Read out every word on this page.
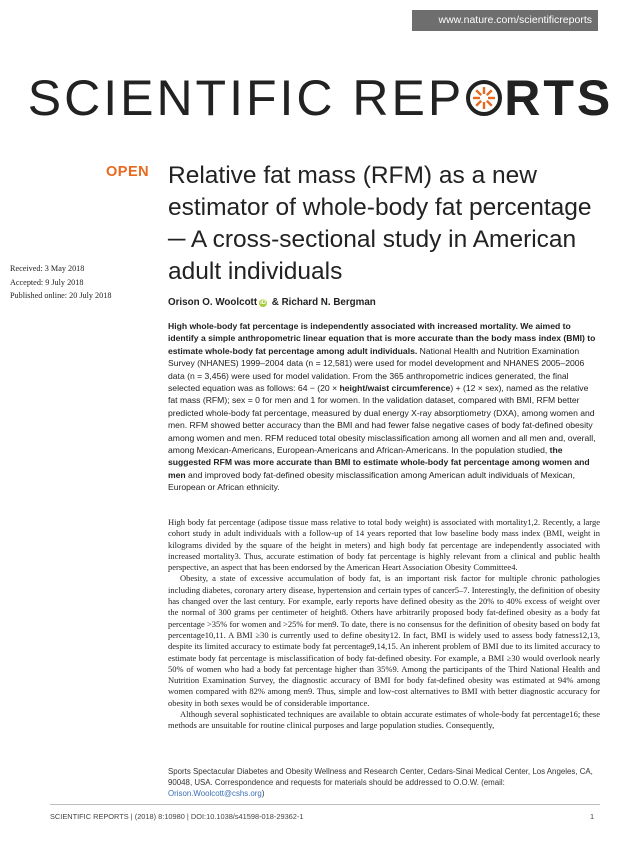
www.nature.com/scientificreports
SCIENTIFIC REP RTS
OPEN Relative fat mass (RFM) as a new estimator of whole-body fat percentage ─ A cross-sectional study in American adult individuals
Received: 3 May 2018
Accepted: 9 July 2018
Published online: 20 July 2018
Orison O. Woolcott iD & Richard N. Bergman
High whole-body fat percentage is independently associated with increased mortality. We aimed to identify a simple anthropometric linear equation that is more accurate than the body mass index (BMI) to estimate whole-body fat percentage among adult individuals. National Health and Nutrition Examination Survey (NHANES) 1999–2004 data (n = 12,581) were used for model development and NHANES 2005–2006 data (n = 3,456) were used for model validation. From the 365 anthropometric indices generated, the final selected equation was as follows: 64 − (20 × height/waist circumference) + (12 × sex), named as the relative fat mass (RFM); sex = 0 for men and 1 for women. In the validation dataset, compared with BMI, RFM better predicted whole-body fat percentage, measured by dual energy X-ray absorptiometry (DXA), among women and men. RFM showed better accuracy than the BMI and had fewer false negative cases of body fat-defined obesity among women and men. RFM reduced total obesity misclassification among all women and all men and, overall, among Mexican-Americans, European-Americans and African-Americans. In the population studied, the suggested RFM was more accurate than BMI to estimate whole-body fat percentage among women and men and improved body fat-defined obesity misclassification among American adult individuals of Mexican, European or African ethnicity.

High body fat percentage (adipose tissue mass relative to total body weight) is associated with mortality1,2. Recently, a large cohort study in adult individuals with a follow-up of 14 years reported that low baseline body mass index (BMI, weight in kilograms divided by the square of the height in meters) and high body fat percentage are independently associated with increased mortality3. Thus, accurate estimation of body fat percentage is highly relevant from a clinical and public health perspective, an aspect that has been endorsed by the American Heart Association Obesity Committee4.

Obesity, a state of excessive accumulation of body fat, is an important risk factor for multiple chronic pathologies including diabetes, coronary artery disease, hypertension and certain types of cancer5–7. Interestingly, the definition of obesity has changed over the last century. For example, early reports have defined obesity as the 20% to 40% excess of weight over the normal of 300 grams per centimeter of height8. Others have arbitrarily proposed body fat-defined obesity as a body fat percentage >35% for women and >25% for men9. To date, there is no consensus for the definition of obesity based on body fat percentage10,11. A BMI ≥30 is currently used to define obesity12. In fact, BMI is widely used to assess body fatness12,13, despite its limited accuracy to estimate body fat percentage9,14,15. An inherent problem of BMI due to its limited accuracy to estimate body fat percentage is misclassification of body fat-defined obesity. For example, a BMI ≥30 would overlook nearly 50% of women who had a body fat percentage higher than 35%9. Among the participants of the Third National Health and Nutrition Examination Survey, the diagnostic accuracy of BMI for body fat-defined obesity was estimated at 94% among women compared with 82% among men9. Thus, simple and low-cost alternatives to BMI with better diagnostic accuracy for obesity in both sexes would be of considerable importance.

Although several sophisticated techniques are available to obtain accurate estimates of whole-body fat percentage16; these methods are unsuitable for routine clinical purposes and large population studies. Consequently,

Sports Spectacular Diabetes and Obesity Wellness and Research Center, Cedars-Sinai Medical Center, Los Angeles, CA, 90048, USA. Correspondence and requests for materials should be addressed to O.O.W. (email: Orison.Woolcott@cshs.org)
SCIENTIFIC REPORTS | (2018) 8:10980 | DOI:10.1038/s41598-018-29362-1	1
